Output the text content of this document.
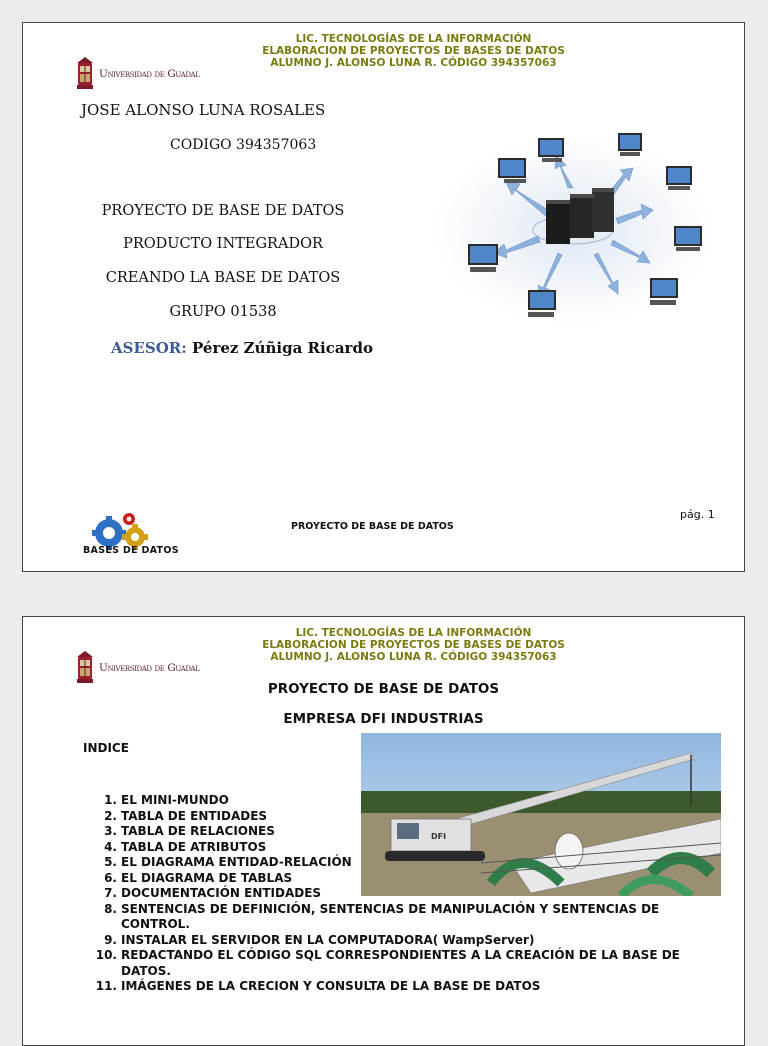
LIC. TECNOLOGÍAS DE LA INFORMACIÓN
ELABORACION DE PROYECTOS DE BASES DE DATOS
ALUMNO J. ALONSO LUNA R. CÓDIGO 394357063
Universidad de Guadal
JOSE ALONSO LUNA ROSALES
CODIGO 394357063
PROYECTO DE BASE DE DATOS
PRODUCTO INTEGRADOR
CREANDO LA BASE DE DATOS
GRUPO 01538
ASESOR: Pérez Zúñiga Ricardo
BASES DE DATOS
PROYECTO DE BASE DE DATOS
pág. 1
LIC. TECNOLOGÍAS DE LA INFORMACIÓN
ELABORACION DE PROYECTOS DE BASES DE DATOS
ALUMNO J. ALONSO LUNA R. CÓDIGO 394357063
Universidad de Guadal
PROYECTO DE BASE DE DATOS
EMPRESA DFI INDUSTRIAS
INDICE
DFI
1. EL MINI-MUNDO
2. TABLA DE ENTIDADES
3. TABLA DE RELACIONES
4. TABLA DE ATRIBUTOS
5. EL DIAGRAMA ENTIDAD-RELACIÓN
6. EL DIAGRAMA DE TABLAS
7. DOCUMENTACIÓN ENTIDADES
8. SENTENCIAS DE DEFINICIÓN, SENTENCIAS DE MANIPULACIÓN Y SENTENCIAS DE CONTROL.
9. INSTALAR EL SERVIDOR EN LA COMPUTADORA( WampServer)
10. REDACTANDO EL CÓDIGO SQL CORRESPONDIENTES A LA CREACIÓN DE LA BASE DE DATOS.
11. IMÁGENES DE LA CRECION Y CONSULTA DE LA BASE DE DATOS
